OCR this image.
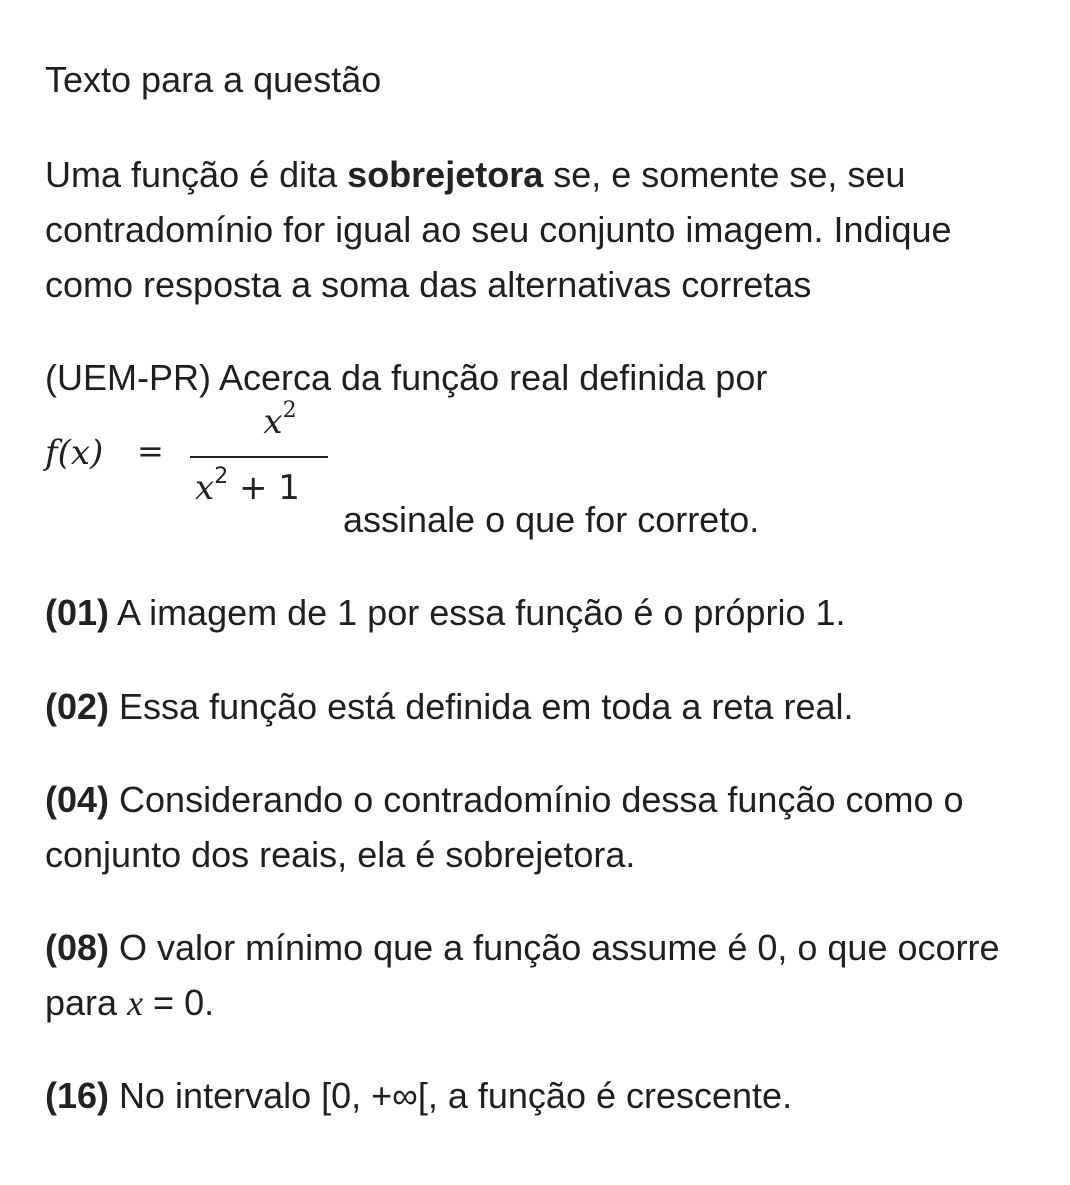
Texto para a questão

Uma função é dita sobrejetora se, e somente se, seu contradomínio for igual ao seu conjunto imagem. Indique como resposta a soma das alternativas corretas

(UEM-PR) Acerca da função real definida por

f(x) =
$x^2$
$x^2 + 1$

assinale o que for correto.

(01) A imagem de 1 por essa função é o próprio 1.

(02) Essa função está definida em toda a reta real.

(04) Considerando o contradomínio dessa função como o conjunto dos reais, ela é sobrejetora.

(08) O valor mínimo que a função assume é 0, o que ocorre para x = 0.

(16) No intervalo [0, +∞[, a função é crescente.
